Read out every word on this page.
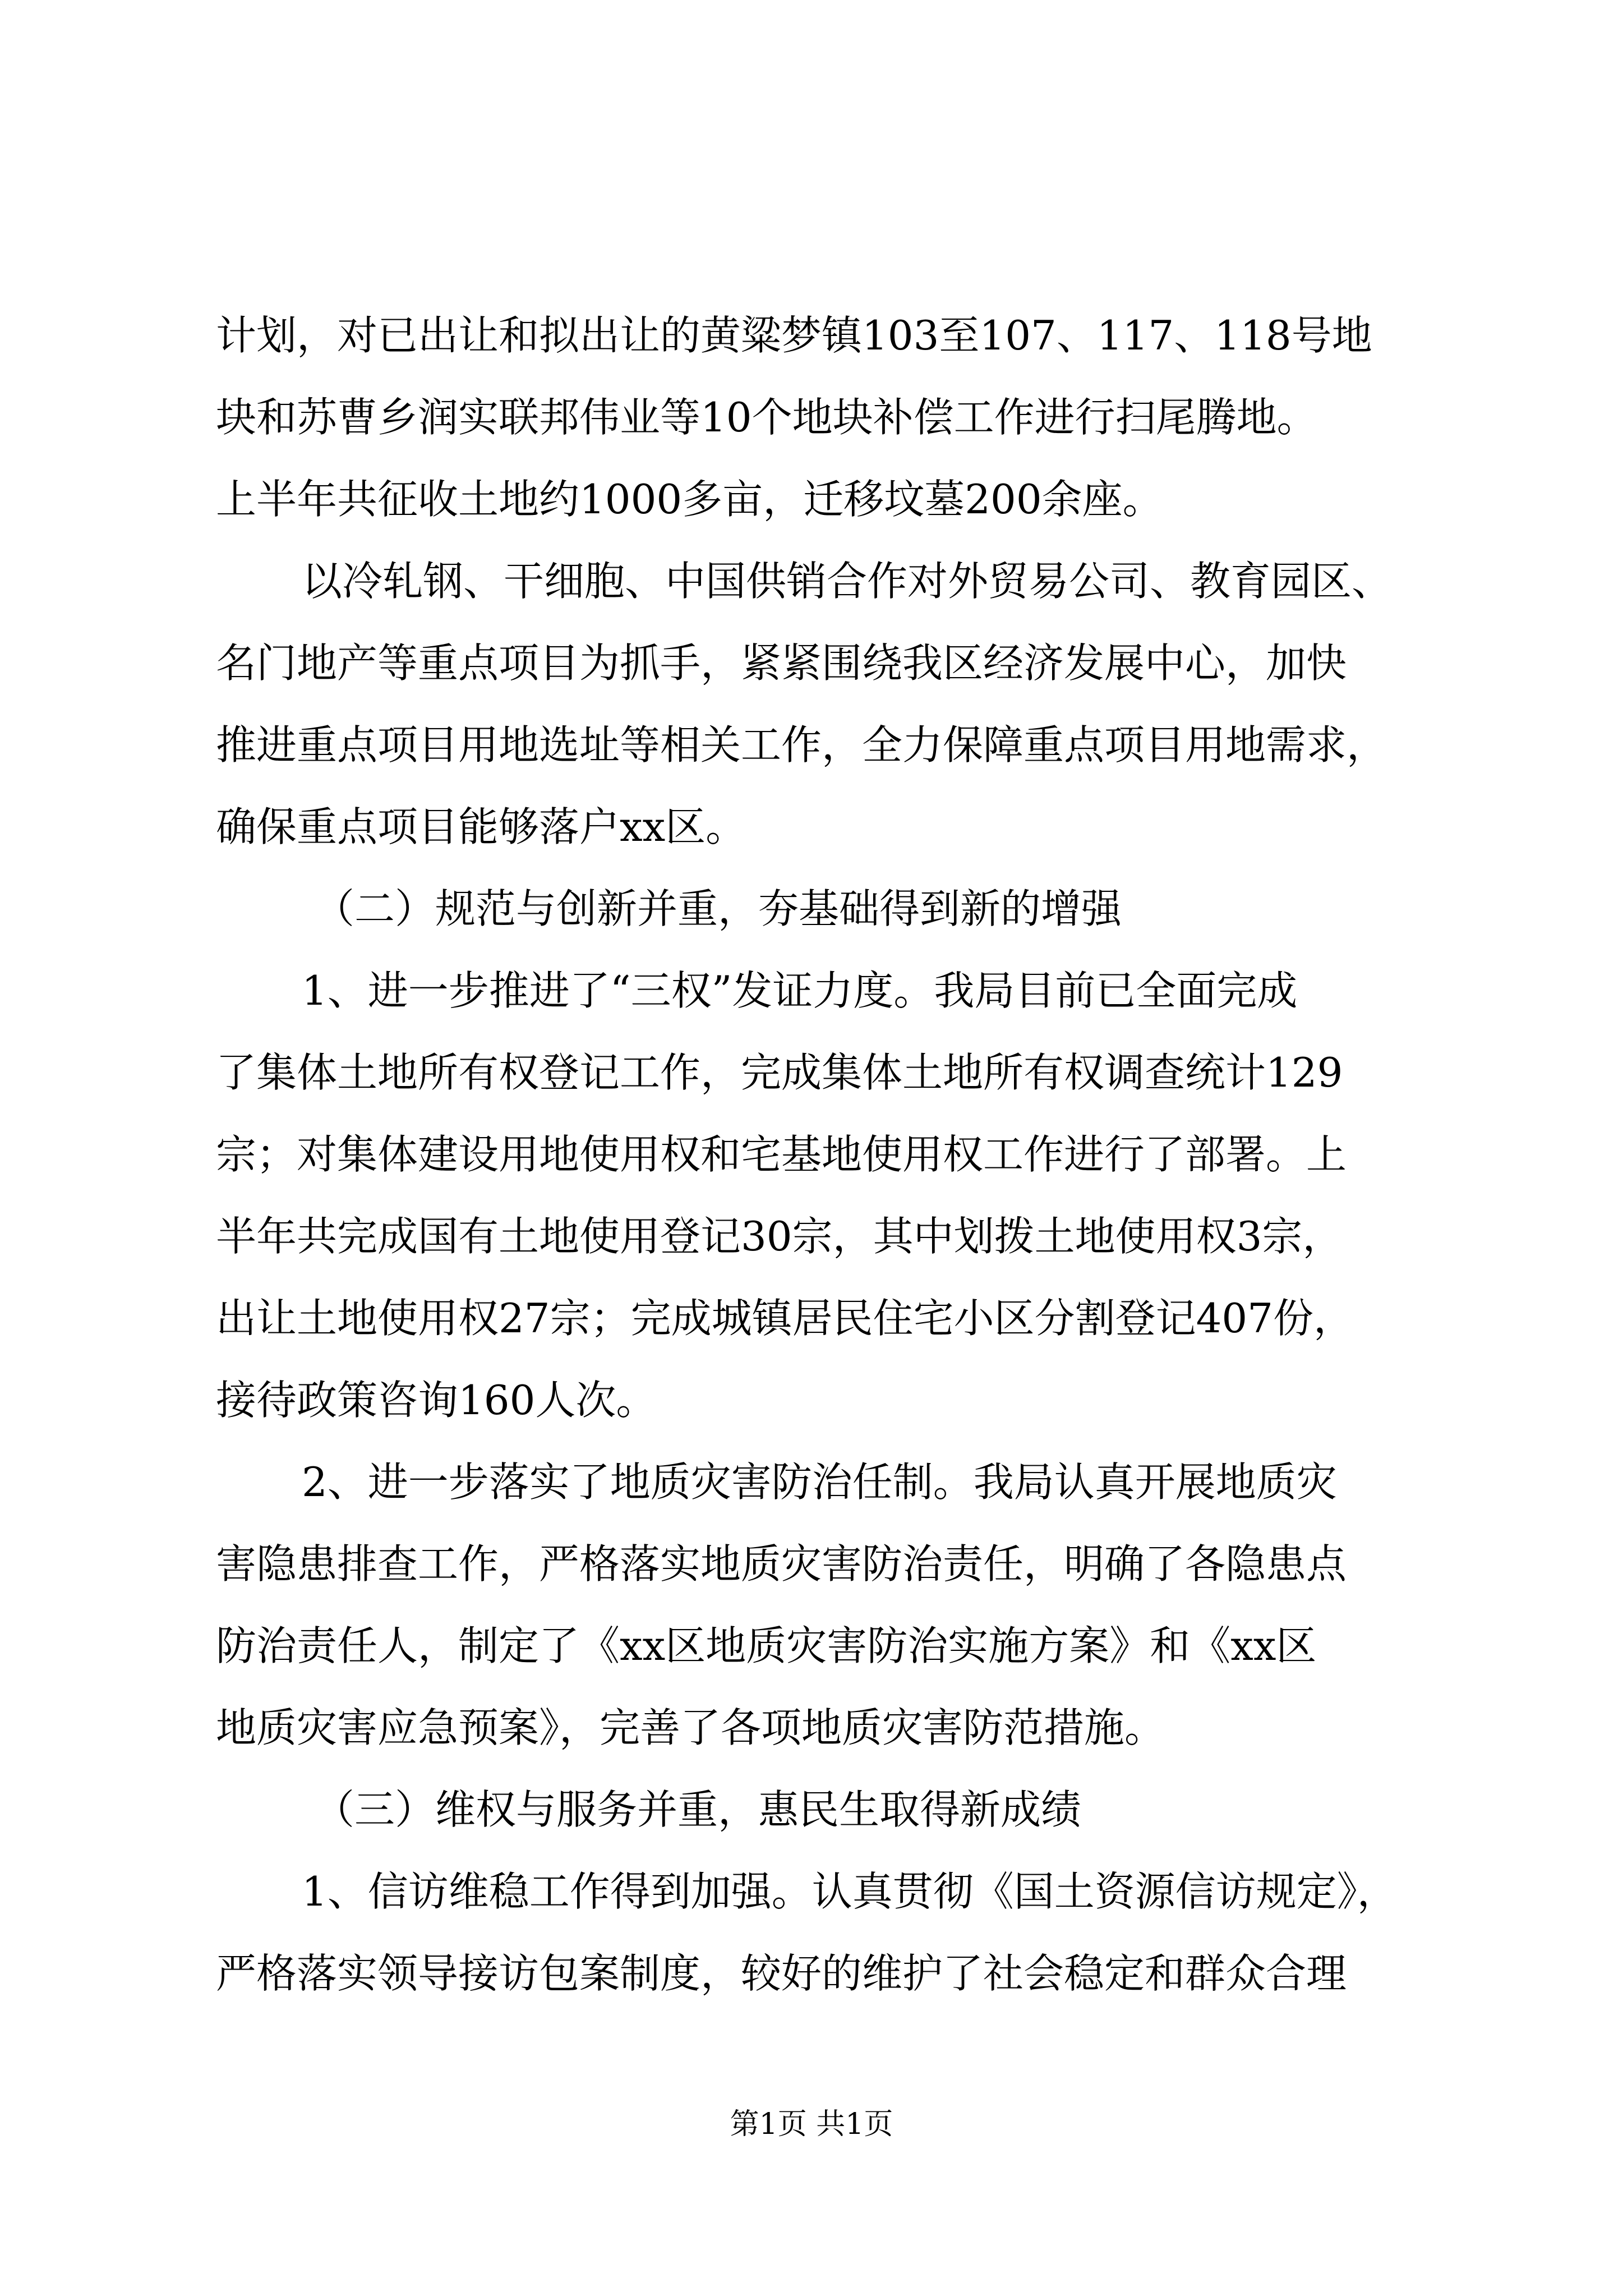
计划，对已出让和拟出让的黄粱梦镇103至107、117、118号地
块和苏曹乡润实联邦伟业等10个地块补偿工作进行扫尾腾地。
上半年共征收土地约1000多亩，迁移坟墓200余座。
以冷轧钢、干细胞、中国供销合作对外贸易公司、教育园区、
名门地产等重点项目为抓手，紧紧围绕我区经济发展中心，加快
推进重点项目用地选址等相关工作，全力保障重点项目用地需求，
确保重点项目能够落户xx区。
（二）规范与创新并重，夯基础得到新的增强
1、进一步推进了“三权”发证力度。我局目前已全面完成
了集体土地所有权登记工作，完成集体土地所有权调查统计129
宗；对集体建设用地使用权和宅基地使用权工作进行了部署。上
半年共完成国有土地使用登记30宗，其中划拨土地使用权3宗，
出让土地使用权27宗；完成城镇居民住宅小区分割登记407份，
接待政策咨询160人次。
2、进一步落实了地质灾害防治任制。我局认真开展地质灾
害隐患排查工作，严格落实地质灾害防治责任，明确了各隐患点
防治责任人，制定了《xx区地质灾害防治实施方案》和《xx区
地质灾害应急预案》，完善了各项地质灾害防范措施。
（三）维权与服务并重，惠民生取得新成绩
1、信访维稳工作得到加强。认真贯彻《国土资源信访规定》，
严格落实领导接访包案制度，较好的维护了社会稳定和群众合理
第1页 共1页
